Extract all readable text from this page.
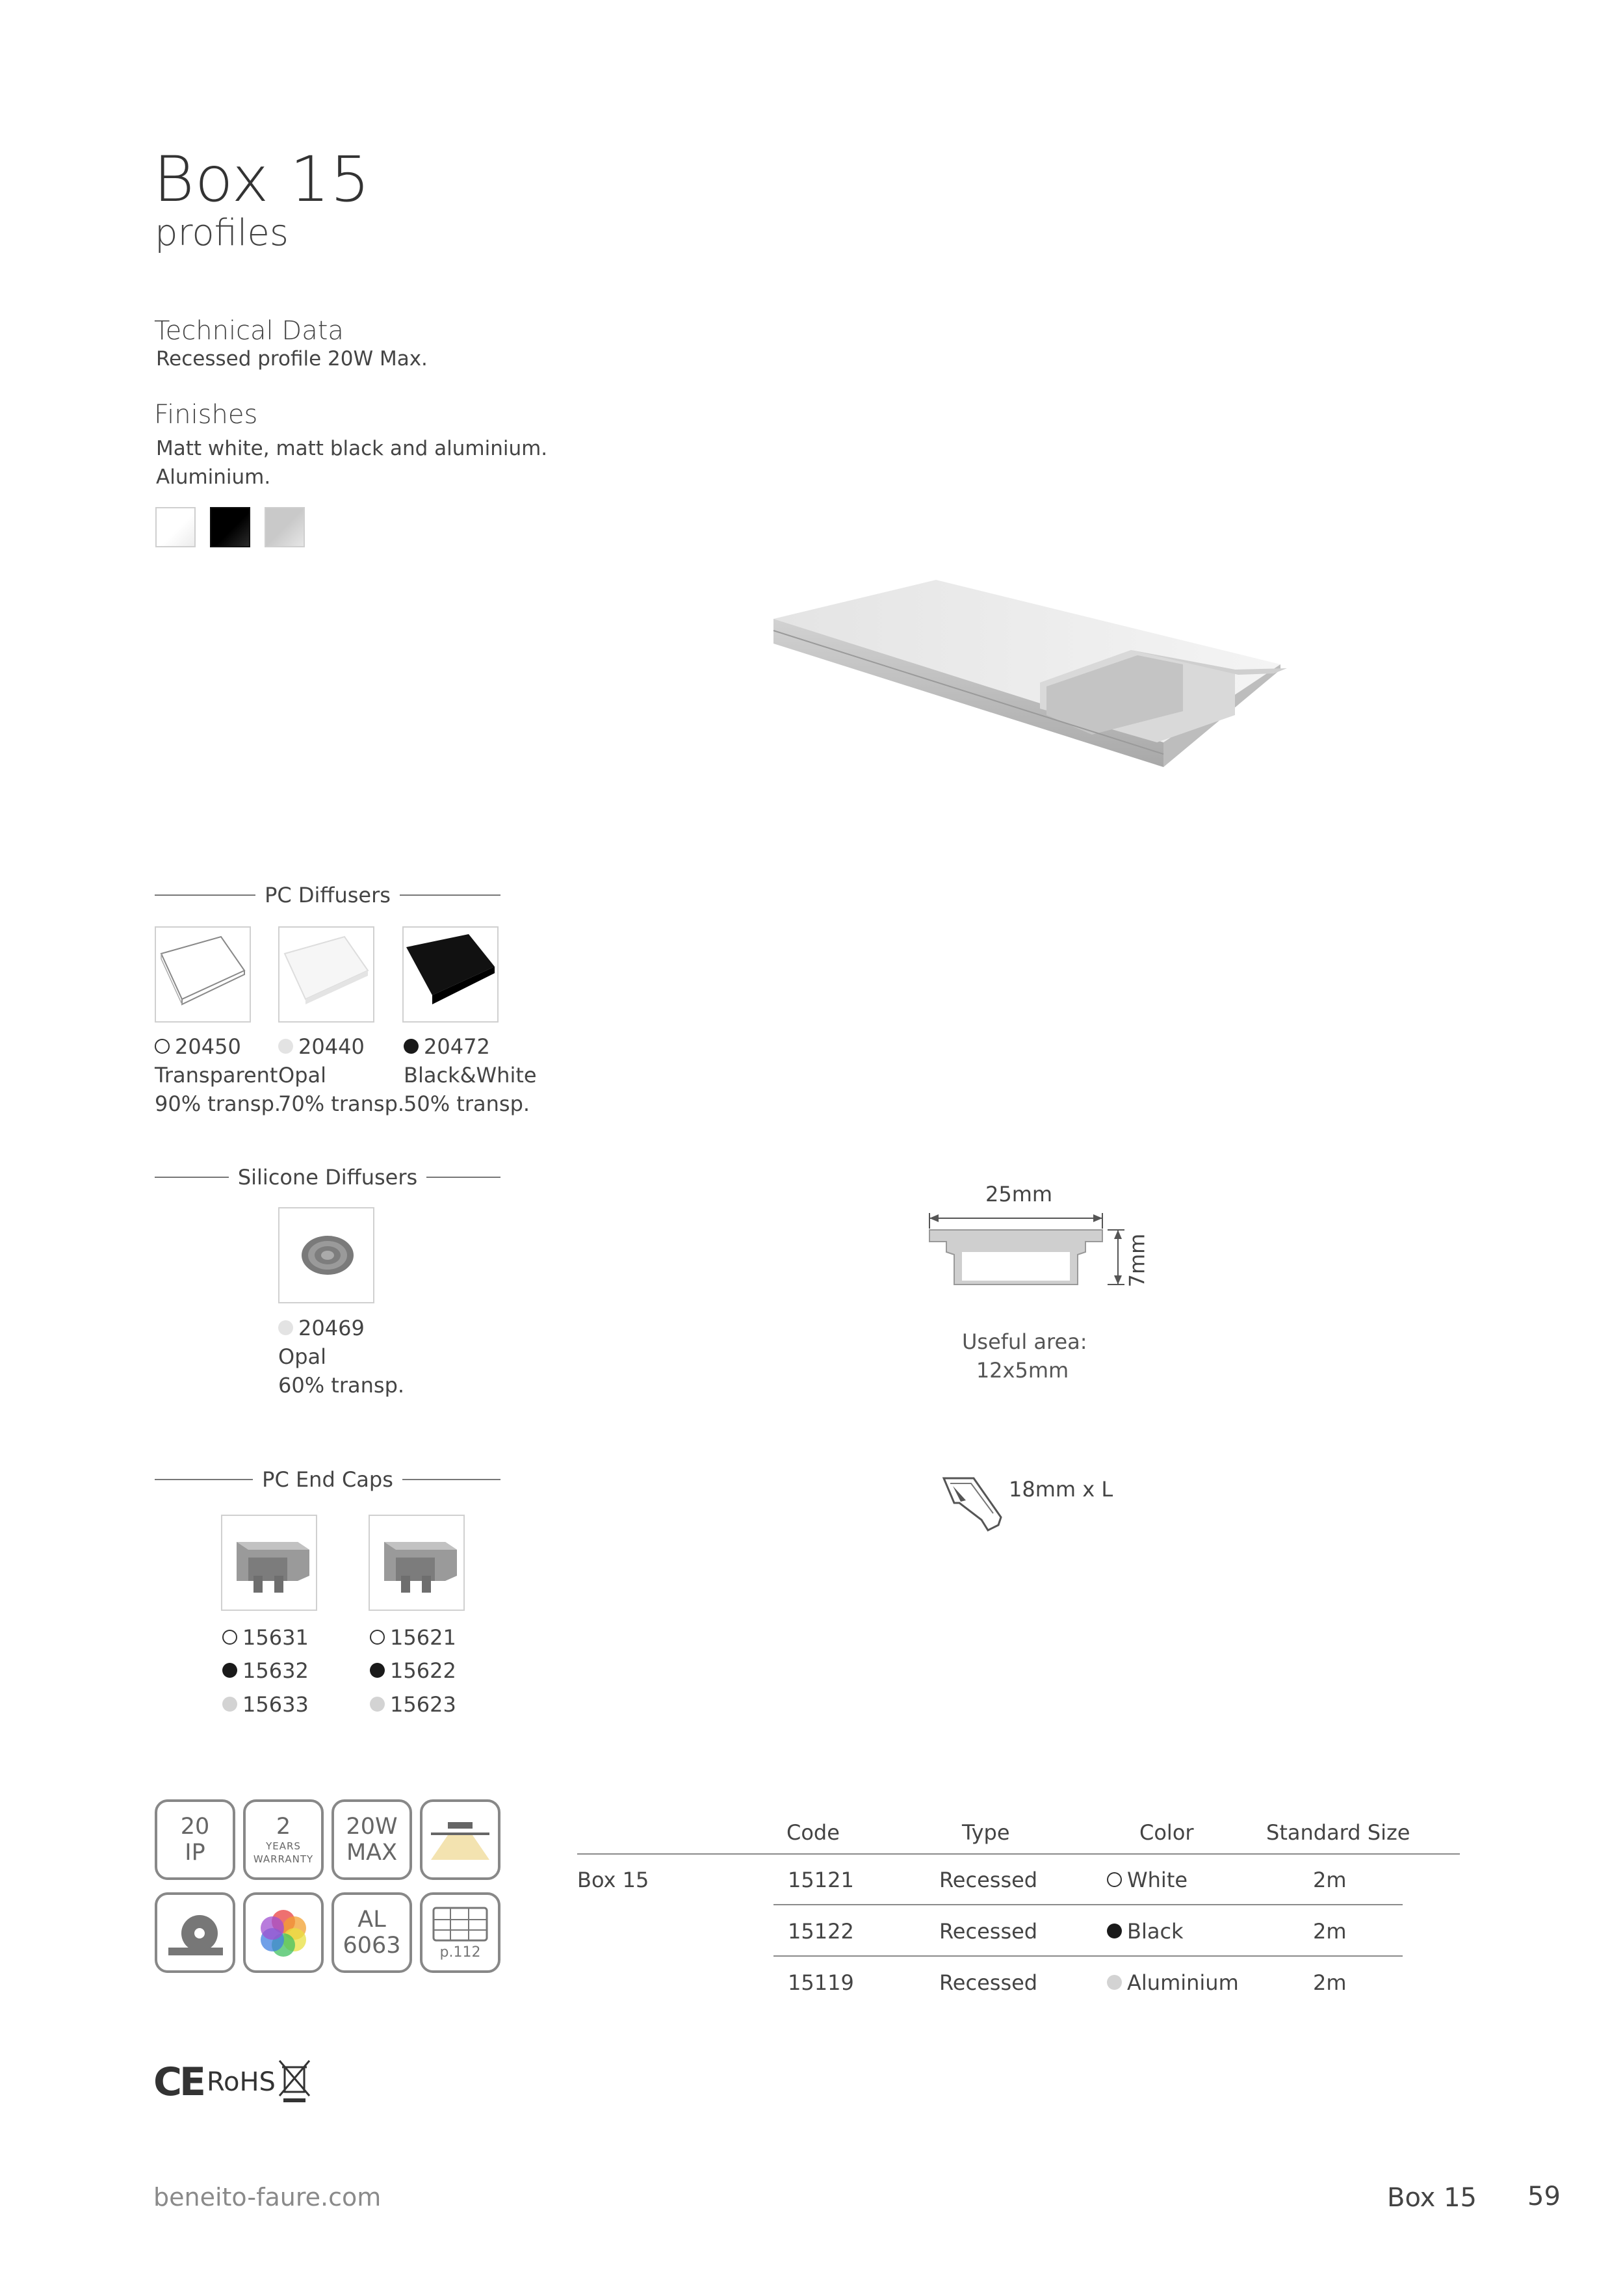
Box 15
profiles
Technical Data
Recessed profile 20W Max.
Finishes
Matt white, matt black and aluminium.
Aluminium.
PC Diffusers
20450
Transparent
90% transp.
20440
Opal
70% transp.
20472
Black&White
50% transp.
Silicone Diffusers
20469
Opal
60% transp.
PC End Caps
15631
15632
15633
15621
15622
15623
25mm
7mm
Useful area:
12x5mm
18mm x L
20
IP
2
YEARS
WARRANTY
20W
MAX
AL
6063	p.112
CE RoHS
Code	Type	Color	Standard Size
Box 15	15121	Recessed	White	2m
15122	Recessed	Black	2m
15119	Recessed	Aluminium	2m
beneito-faure.com	Box 15 59
